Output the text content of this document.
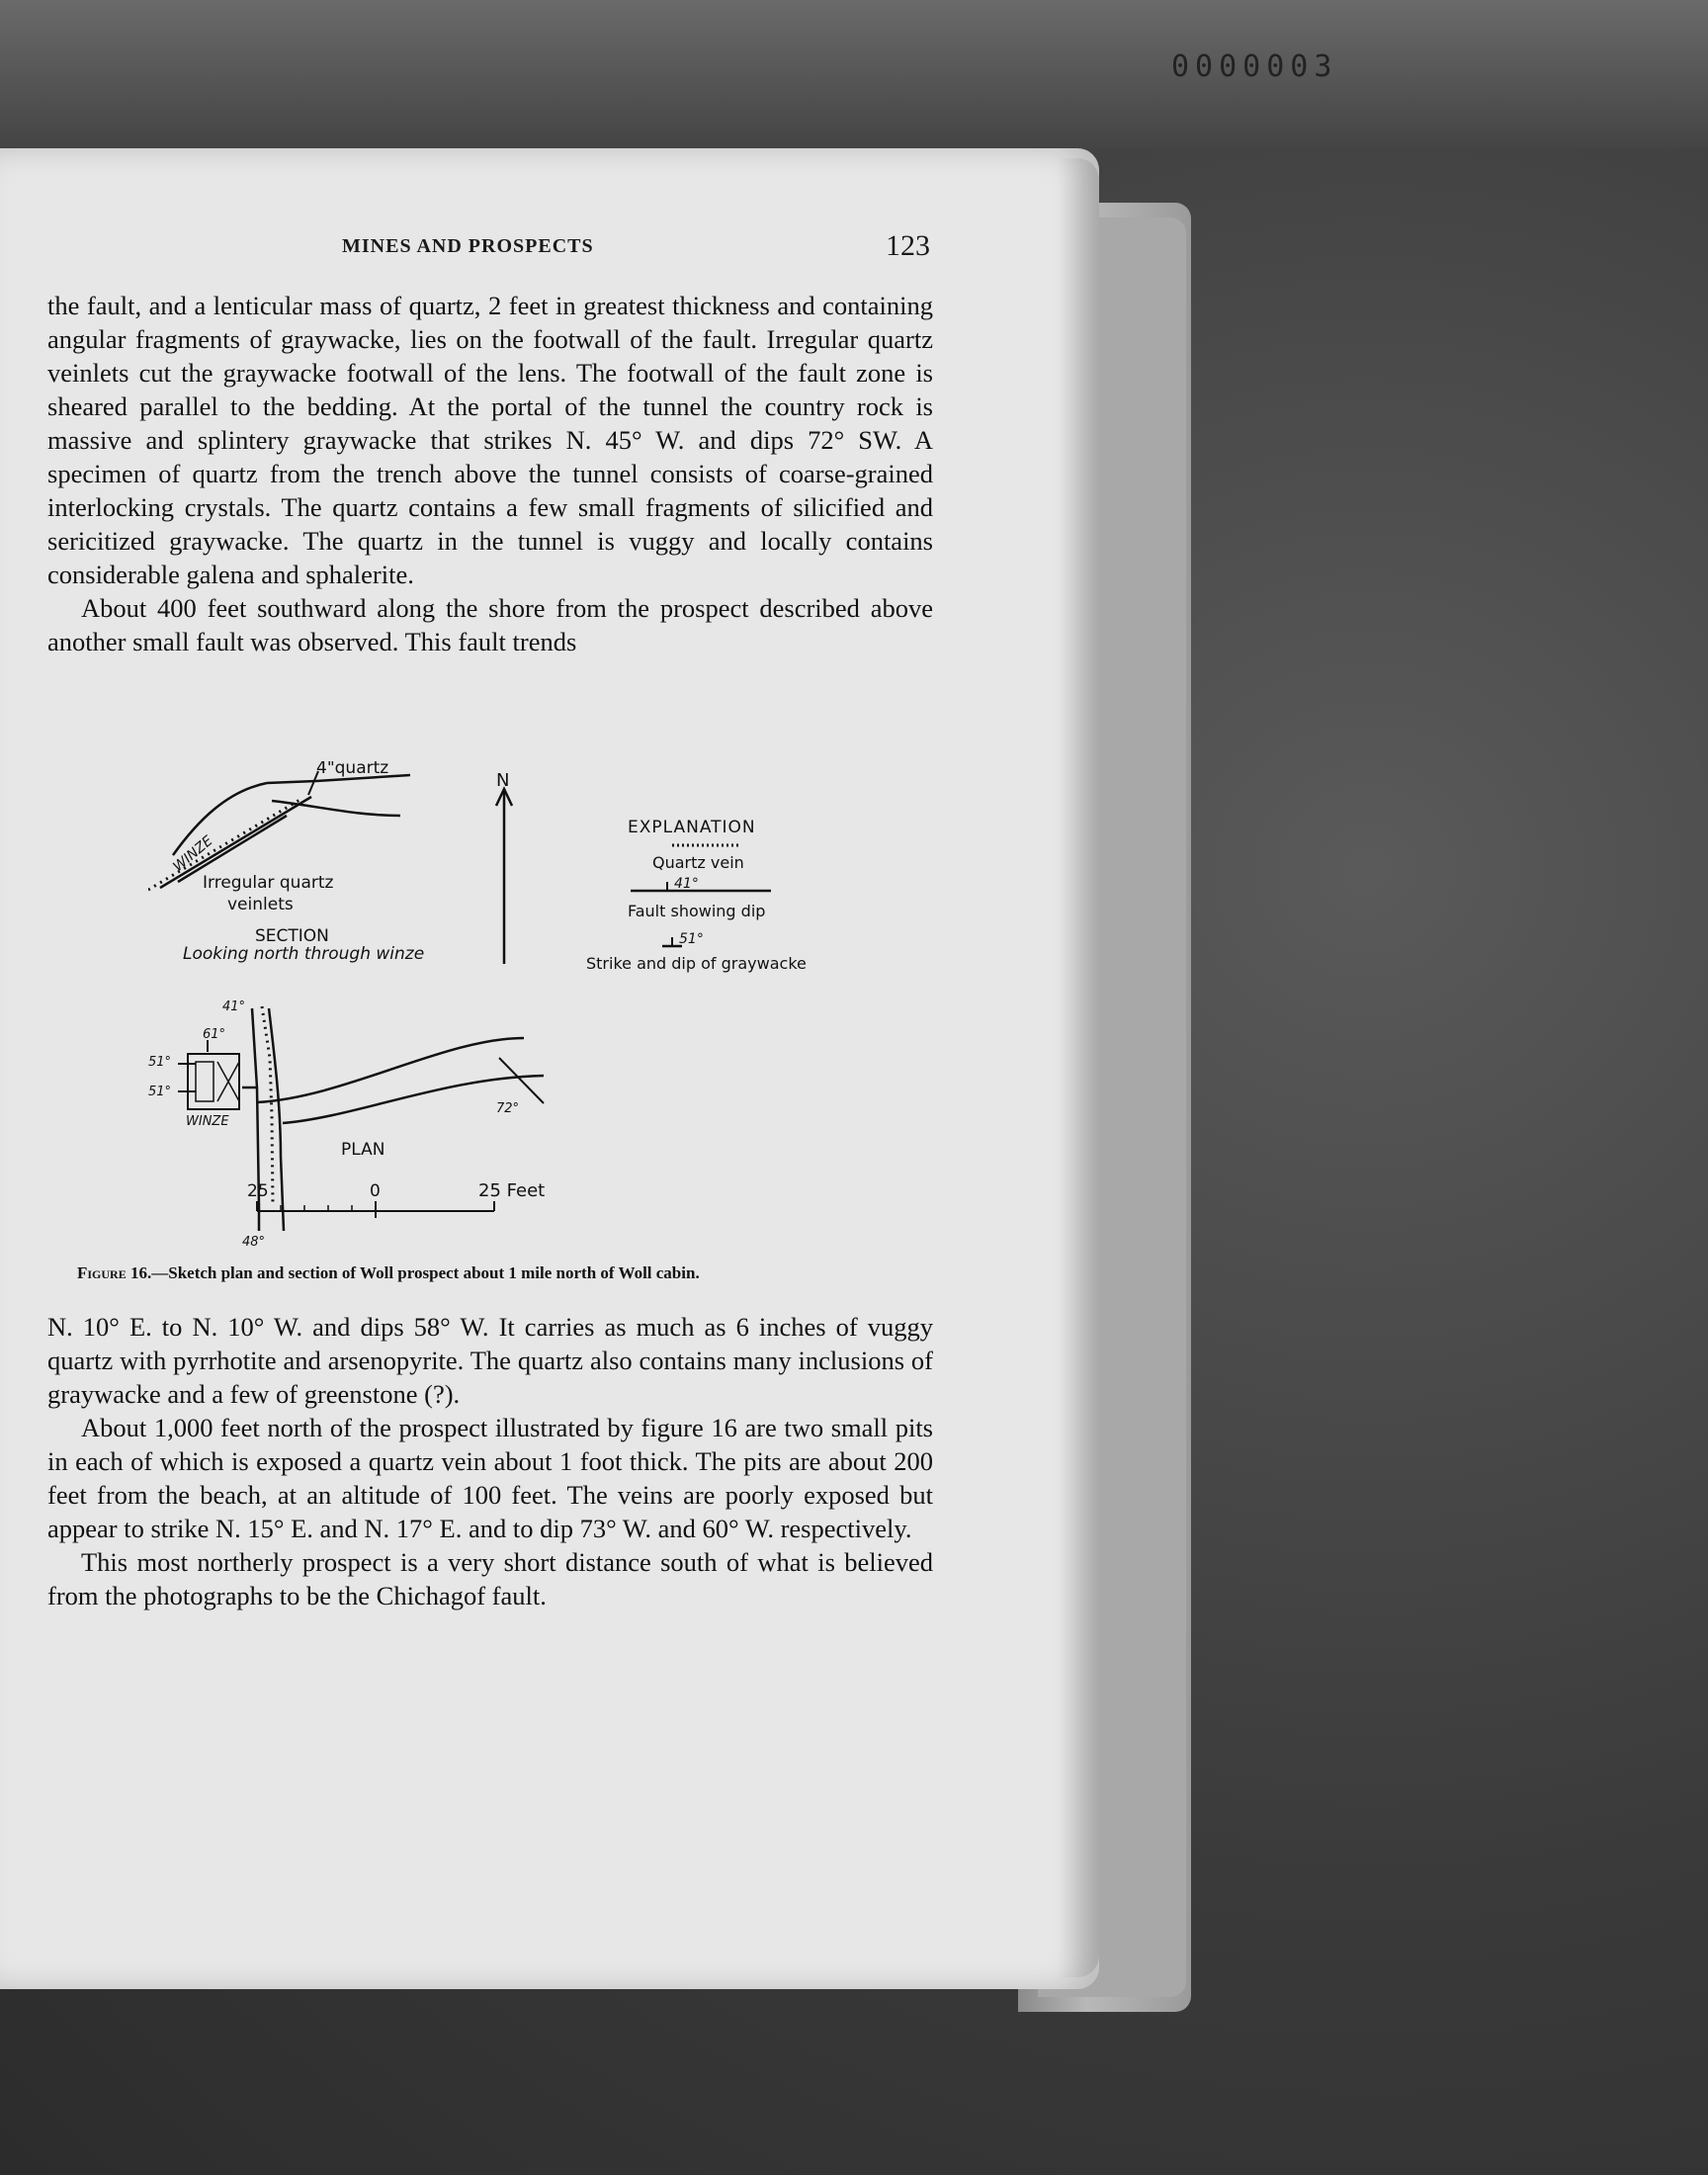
0000003
MINES AND PROSPECTS	123

the fault, and a lenticular mass of quartz, 2 feet in greatest thickness and containing angular fragments of graywacke, lies on the footwall of the fault. Irregular quartz veinlets cut the graywacke footwall of the lens. The footwall of the fault zone is sheared parallel to the bedding. At the portal of the tunnel the country rock is massive and splintery graywacke that strikes N. 45° W. and dips 72° SW. A specimen of quartz from the trench above the tunnel consists of coarse-grained interlocking crystals. The quartz contains a few small fragments of silicified and sericitized graywacke. The quartz in the tunnel is vuggy and locally contains considerable galena and sphalerite.

About 400 feet southward along the shore from the prospect described above another small fault was observed. This fault trends

4"quartz
WINZE
Irregular quartz
veinlets
SECTION
Looking north through winze
N
EXPLANATION
Quartz vein
41°
Fault showing dip
51°
Strike and dip of graywacke
41°
61°
51°
51°
WINZE
72°
48°
PLAN
25	0	25 Feet
Figure 16.—Sketch plan and section of Woll prospect about 1 mile north of Woll cabin.

N. 10° E. to N. 10° W. and dips 58° W. It carries as much as 6 inches of vuggy quartz with pyrrhotite and arsenopyrite. The quartz also contains many inclusions of graywacke and a few of greenstone (?).

About 1,000 feet north of the prospect illustrated by figure 16 are two small pits in each of which is exposed a quartz vein about 1 foot thick. The pits are about 200 feet from the beach, at an altitude of 100 feet. The veins are poorly exposed but appear to strike N. 15° E. and N. 17° E. and to dip 73° W. and 60° W. respectively.

This most northerly prospect is a very short distance south of what is believed from the photographs to be the Chichagof fault.
